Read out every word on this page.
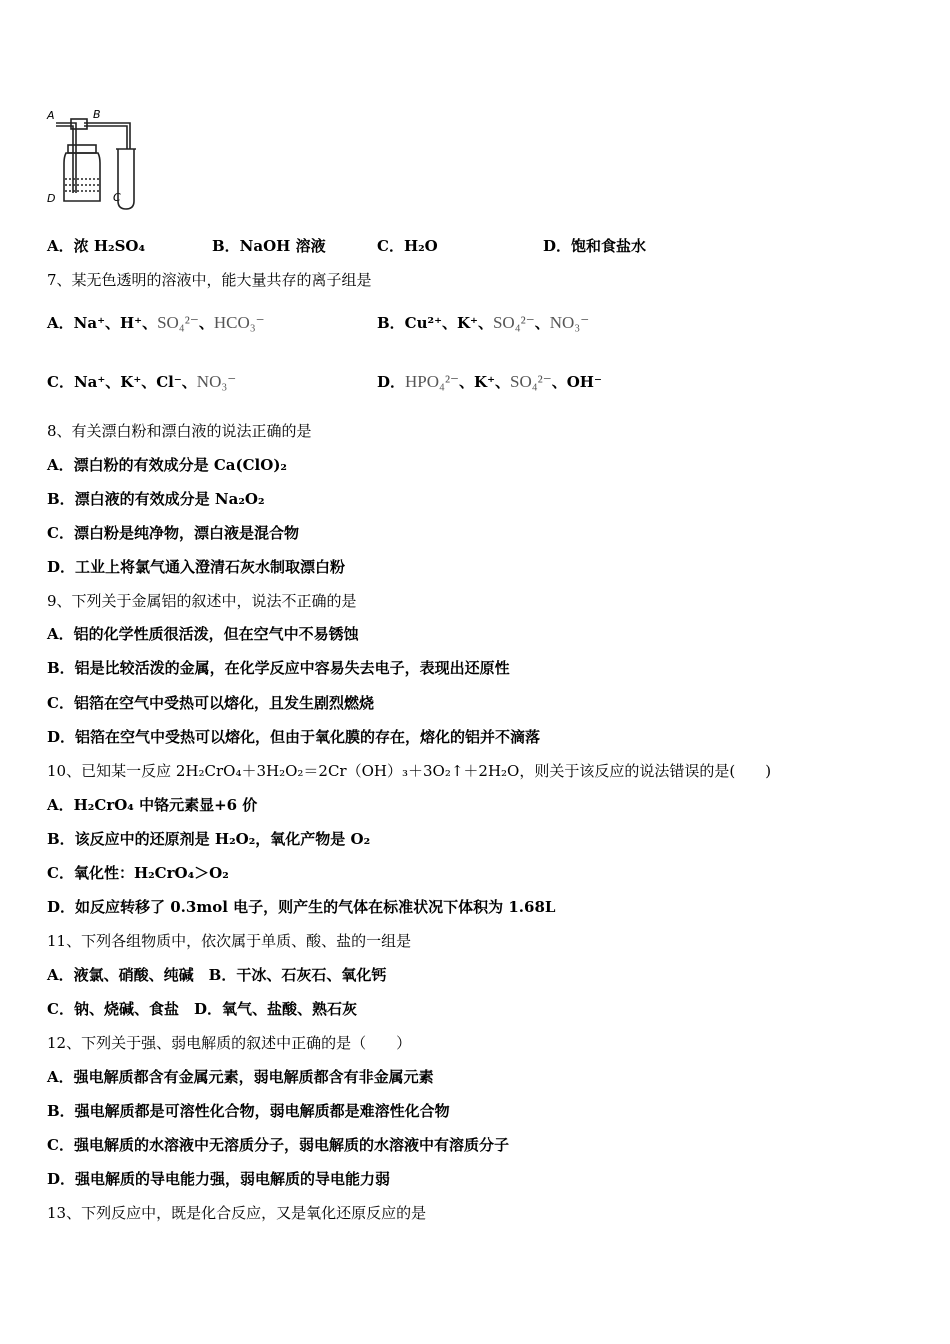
A	B
D	C
A．浓 H₂SO₄	B．NaOH 溶液	C．H₂O	D．饱和食盐水
7、某无色透明的溶液中，能大量共存的离子组是
A．Na⁺、H⁺、SO₄²⁻、HCO₃⁻	B．Cu²⁺、K⁺、SO₄²⁻、NO₃⁻
C．Na⁺、K⁺、Cl⁻、NO₃⁻	D．HPO₄²⁻、K⁺、SO₄²⁻、OH⁻
8、有关漂白粉和漂白液的说法正确的是
A．漂白粉的有效成分是 Ca(ClO)₂
B．漂白液的有效成分是 Na₂O₂
C．漂白粉是纯净物，漂白液是混合物
D．工业上将氯气通入澄清石灰水制取漂白粉
9、下列关于金属铝的叙述中，说法不正确的是
A．铝的化学性质很活泼，但在空气中不易锈蚀
B．铝是比较活泼的金属，在化学反应中容易失去电子，表现出还原性
C．铝箔在空气中受热可以熔化，且发生剧烈燃烧
D．铝箔在空气中受热可以熔化，但由于氧化膜的存在，熔化的铝并不滴落
10、已知某一反应 2H₂CrO₄＋3H₂O₂＝2Cr（OH）₃＋3O₂↑＋2H₂O，则关于该反应的说法错误的是(　　)
A．H₂CrO₄ 中铬元素显+6 价
B．该反应中的还原剂是 H₂O₂，氧化产物是 O₂
C．氧化性：H₂CrO₄＞O₂
D．如反应转移了 0.3mol 电子，则产生的气体在标准状况下体积为 1.68L
11、下列各组物质中，依次属于单质、酸、盐的一组是
A．液氯、硝酸、纯碱　B．干冰、石灰石、氧化钙
C．钠、烧碱、食盐　D．氧气、盐酸、熟石灰
12、下列关于强、弱电解质的叙述中正确的是（　　）
A．强电解质都含有金属元素，弱电解质都含有非金属元素
B．强电解质都是可溶性化合物，弱电解质都是难溶性化合物
C．强电解质的水溶液中无溶质分子，弱电解质的水溶液中有溶质分子
D．强电解质的导电能力强，弱电解质的导电能力弱
13、下列反应中，既是化合反应，又是氧化还原反应的是
